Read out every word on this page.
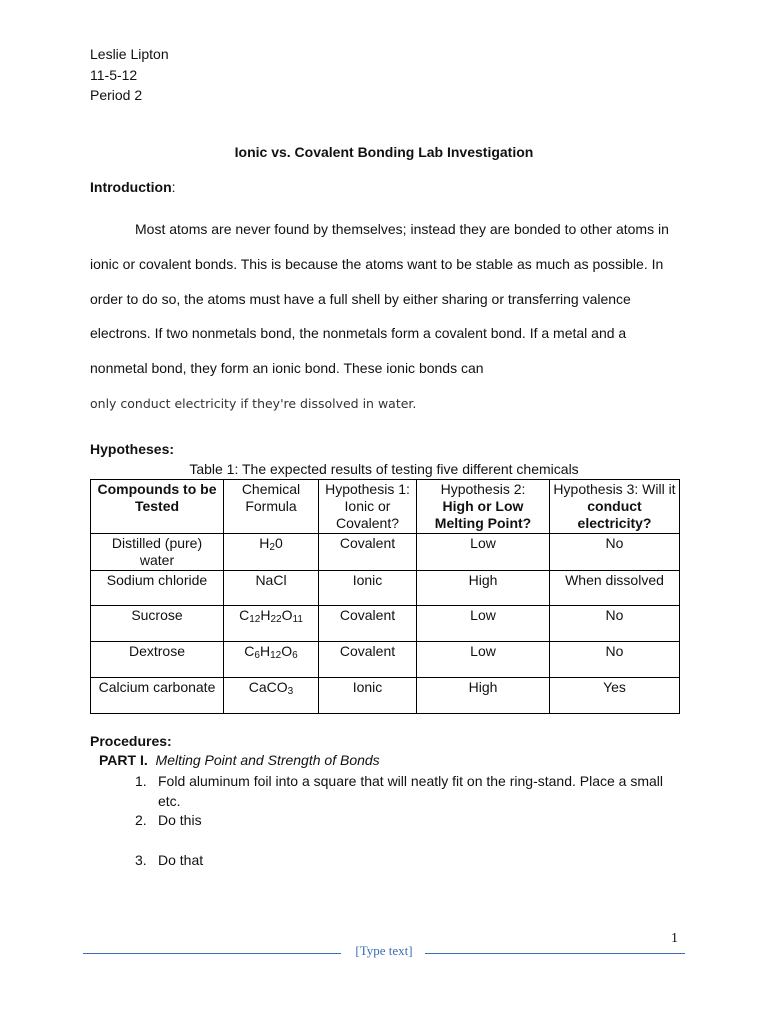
Leslie Lipton
11-5-12
Period 2
Ionic vs. Covalent Bonding Lab Investigation
Introduction:
Most atoms are never found by themselves; instead they are bonded to other atoms in ionic or covalent bonds. This is because the atoms want to be stable as much as possible. In order to do so, the atoms must have a full shell by either sharing or transferring valence electrons. If two nonmetals bond, the nonmetals form a covalent bond. If a metal and a nonmetal bond, they form an ionic bond. These ionic bonds can
only conduct electricity if they're dissolved in water.
Hypotheses:
Table 1: The expected results of testing five different chemicals
Compounds to be Tested	Chemical Formula	Hypothesis 1: Ionic or Covalent?	Hypothesis 2:
High or Low Melting Point?	Hypothesis 3: Will it conduct electricity?
Distilled (pure) water	$H_20$	Covalent	Low	No
Sodium chloride	NaCl	Ionic	High	When dissolved
Sucrose	$C_{12}H_{22}O_{11}$	Covalent	Low	No
Dextrose	$C_6H_{12}O_6$	Covalent	Low	No
Calcium carbonate	CaCO$_3$	Ionic	High	Yes
Procedures:
PART I. Melting Point and Strength of Bonds
1. Fold aluminum foil into a square that will neatly fit on the ring-stand. Place a small etc.
2. Do this
3. Do that
1
[Type text]
